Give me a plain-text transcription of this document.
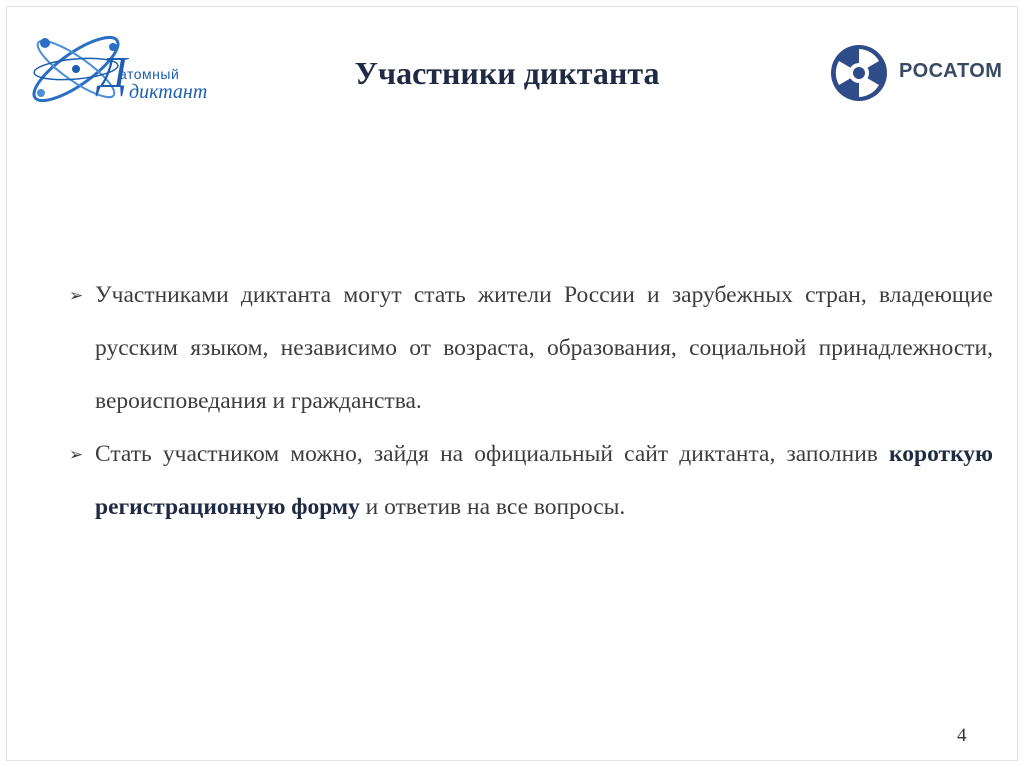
Д
атомный
диктант
Участники диктанта	РОСАТОМ
➢ Участниками диктанта могут стать жители России и зарубежных стран, владеющие русским языком, независимо от возраста, образования, социальной принадлежности, вероисповедания и гражданства.
➢ Стать участником можно, зайдя на официальный сайт диктанта, заполнив короткую регистрационную форму и ответив на все вопросы.
4
